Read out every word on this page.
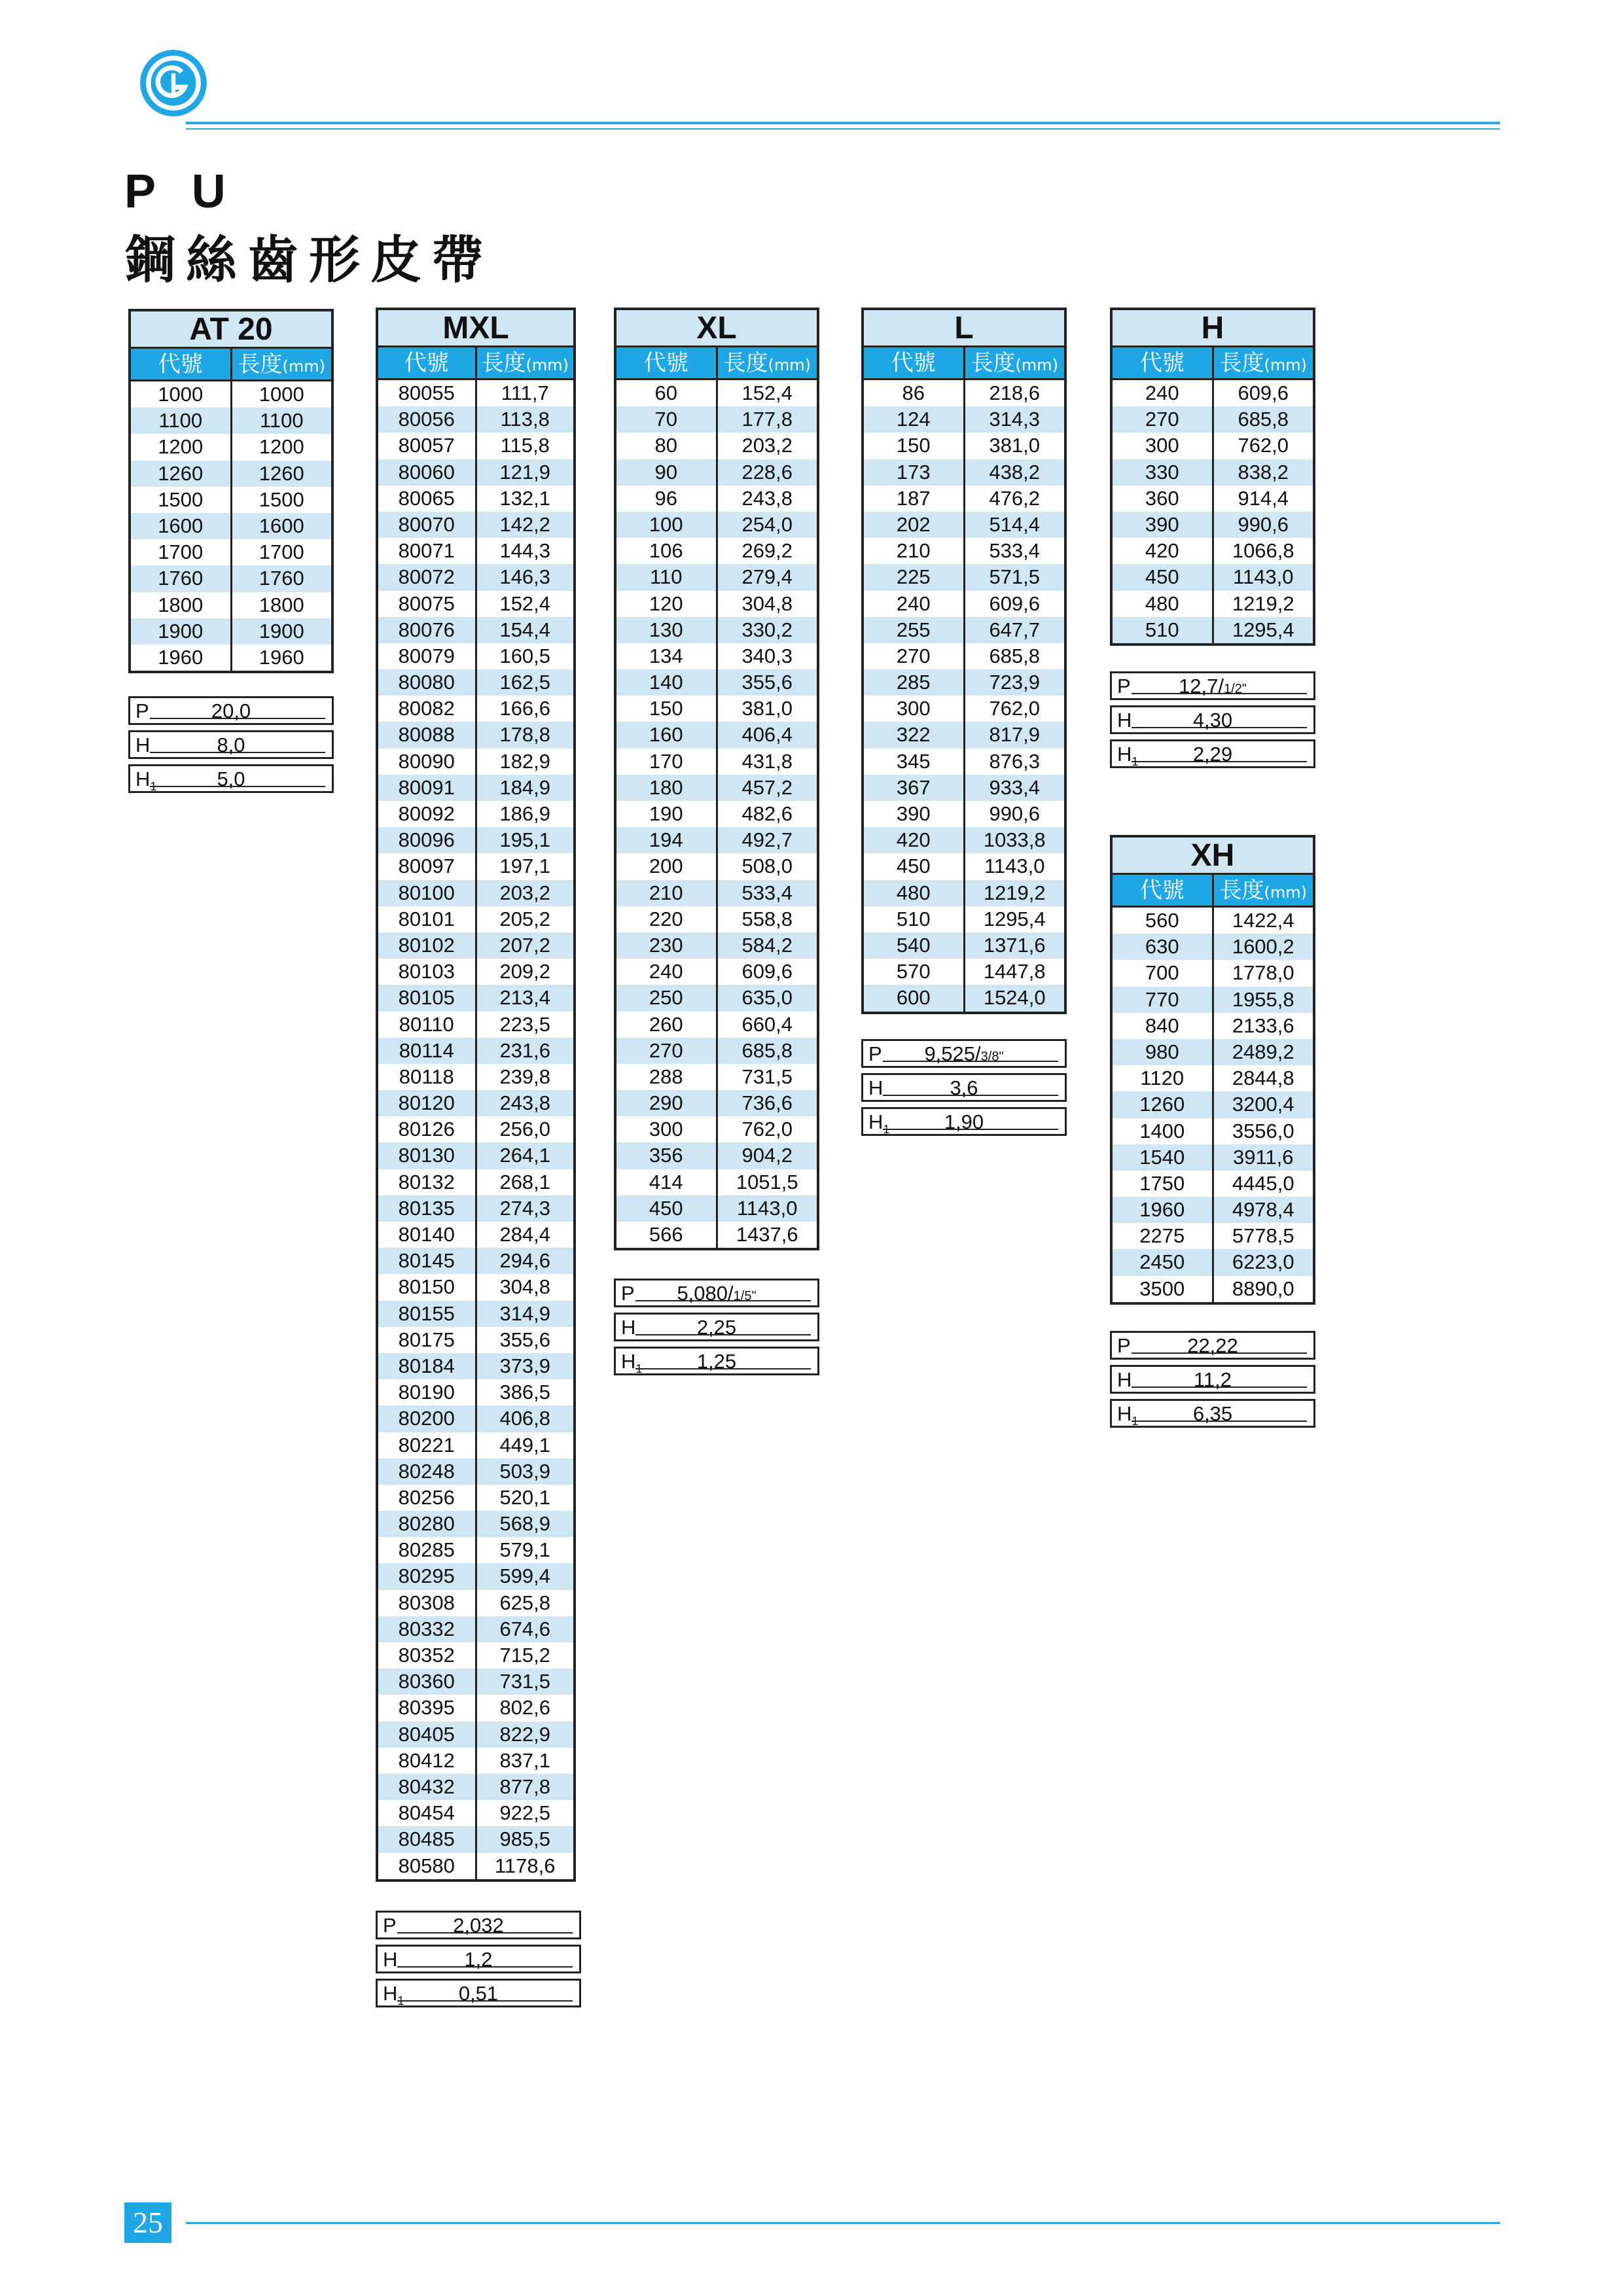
P U
鋼絲齒形皮帶
AT 20
代號	長度(mm)
1000	1000
1100	1100
1200	1200
1260	1260
1500	1500
1600	1600
1700	1700
1760	1760
1800	1800
1900	1900
1960	1960
MXL
代號	長度(mm)
80055	111,7
80056	113,8
80057	115,8
80060	121,9
80065	132,1
80070	142,2
80071	144,3
80072	146,3
80075	152,4
80076	154,4
80079	160,5
80080	162,5
80082	166,6
80088	178,8
80090	182,9
80091	184,9
80092	186,9
80096	195,1
80097	197,1
80100	203,2
80101	205,2
80102	207,2
80103	209,2
80105	213,4
80110	223,5
80114	231,6
80118	239,8
80120	243,8
80126	256,0
80130	264,1
80132	268,1
80135	274,3
80140	284,4
80145	294,6
80150	304,8
80155	314,9
80175	355,6
80184	373,9
80190	386,5
80200	406,8
80221	449,1
80248	503,9
80256	520,1
80280	568,9
80285	579,1
80295	599,4
80308	625,8
80332	674,6
80352	715,2
80360	731,5
80395	802,6
80405	822,9
80412	837,1
80432	877,8
80454	922,5
80485	985,5
80580	1178,6
XL
代號	長度(mm)
60	152,4
70	177,8
80	203,2
90	228,6
96	243,8
100	254,0
106	269,2
110	279,4
120	304,8
130	330,2
134	340,3
140	355,6
150	381,0
160	406,4
170	431,8
180	457,2
190	482,6
194	492,7
200	508,0
210	533,4
220	558,8
230	584,2
240	609,6
250	635,0
260	660,4
270	685,8
288	731,5
290	736,6
300	762,0
356	904,2
414	1051,5
450	1143,0
566	1437,6
L
代號	長度(mm)
86	218,6
124	314,3
150	381,0
173	438,2
187	476,2
202	514,4
210	533,4
225	571,5
240	609,6
255	647,7
270	685,8
285	723,9
300	762,0
322	817,9
345	876,3
367	933,4
390	990,6
420	1033,8
450	1143,0
480	1219,2
510	1295,4
540	1371,6
570	1447,8
600	1524,0
H
代號	長度(mm)
240	609,6
270	685,8
300	762,0
330	838,2
360	914,4
390	990,6
420	1066,8
450	1143,0
480	1219,2
510	1295,4
XH
代號	長度(mm)
560	1422,4
630	1600,2
700	1778,0
770	1955,8
840	2133,6
980	2489,2
1120	2844,8
1260	3200,4
1400	3556,0
1540	3911,6
1750	4445,0
1960	4978,4
2275	5778,5
2450	6223,0
3500	8890,0
25
P	20,0
H	8,0
$H_1$	5,0
P	2,032
H	1,2
$H_1$	0,51
P	5,080/1/5"
H	2,25
$H_1$	1,25
P	9,525/3/8"
H	3,6
$H_1$	1,90
P	12,7/1/2"
H	4,30
$H_1$	2,29
P	22,22
H	11,2
$H_1$	6,35
